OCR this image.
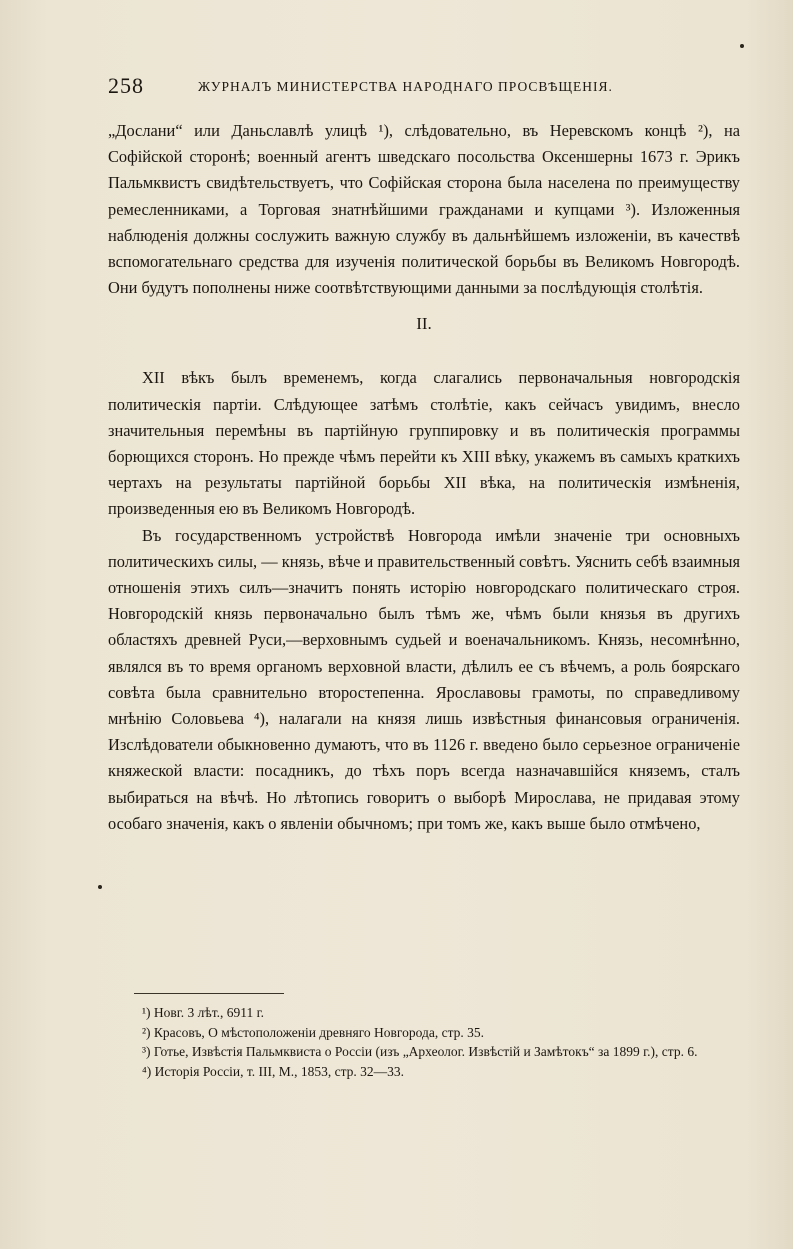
258	ЖУРНАЛЪ МИНИСТЕРСТВА НАРОДНАГО ПРОСВѢЩЕНІЯ.

„Дослани“ или Даньславлѣ улицѣ ¹), слѣдовательно, въ Неревскомъ концѣ ²), на Софійской сторонѣ; военный агентъ шведскаго посольства Оксеншерны 1673 г. Эрикъ Пальмквистъ свидѣтельствуетъ, что Софійская сторона была населена по преимуществу ремесленниками, а Торговая знатнѣйшими гражданами и купцами ³). Изложенныя наблюденія должны сослужить важную службу въ дальнѣйшемъ изложеніи, въ качествѣ вспомогательнаго средства для изученія политической борьбы въ Великомъ Новгородѣ. Они будутъ пополнены ниже соотвѣтствующими данными за послѣдующія столѣтія.

II.

XII вѣкъ былъ временемъ, когда слагались первоначальныя новгородскія политическія партіи. Слѣдующее затѣмъ столѣтіе, какъ сейчасъ увидимъ, внесло значительныя перемѣны въ партійную группировку и въ политическія программы борющихся сторонъ. Но прежде чѣмъ перейти къ XIII вѣку, укажемъ въ самыхъ краткихъ чертахъ на результаты партійной борьбы XII вѣка, на политическія измѣненія, произведенныя ею въ Великомъ Новгородѣ.

Въ государственномъ устройствѣ Новгорода имѣли значеніе три основныхъ политическихъ силы, — князь, вѣче и правительственный совѣтъ. Уяснить себѣ взаимныя отношенія этихъ силъ—значитъ понять исторію новгородскаго политическаго строя. Новгородскій князь первоначально былъ тѣмъ же, чѣмъ были князья въ другихъ областяхъ древней Руси,—верховнымъ судьей и военачальникомъ. Князь, несомнѣнно, являлся въ то время органомъ верховной власти, дѣлилъ ее съ вѣчемъ, а роль боярскаго совѣта была сравнительно второстепенна. Ярославовы грамоты, по справедливому мнѣнію Соловьева ⁴), налагали на князя лишь извѣстныя финансовыя ограниченія. Изслѣдователи обыкновенно думаютъ, что въ 1126 г. введено было серьезное ограниченіе княжеской власти: посадникъ, до тѣхъ поръ всегда назначавшійся княземъ, сталъ выбираться на вѣчѣ. Но лѣтопись говоритъ о выборѣ Мирослава, не придавая этому особаго значенія, какъ о явленіи обычномъ; при томъ же, какъ выше было отмѣчено,

¹) Новг. 3 лѣт., 6911 г.

²) Красовъ, О мѣстоположеніи древняго Новгорода, стр. 35.

³) Готье, Извѣстія Пальмквиста о Россіи (изъ „Археолог. Извѣстій и Замѣтокъ“ за 1899 г.), стр. 6.

⁴) Исторія Россіи, т. III, М., 1853, стр. 32—33.
